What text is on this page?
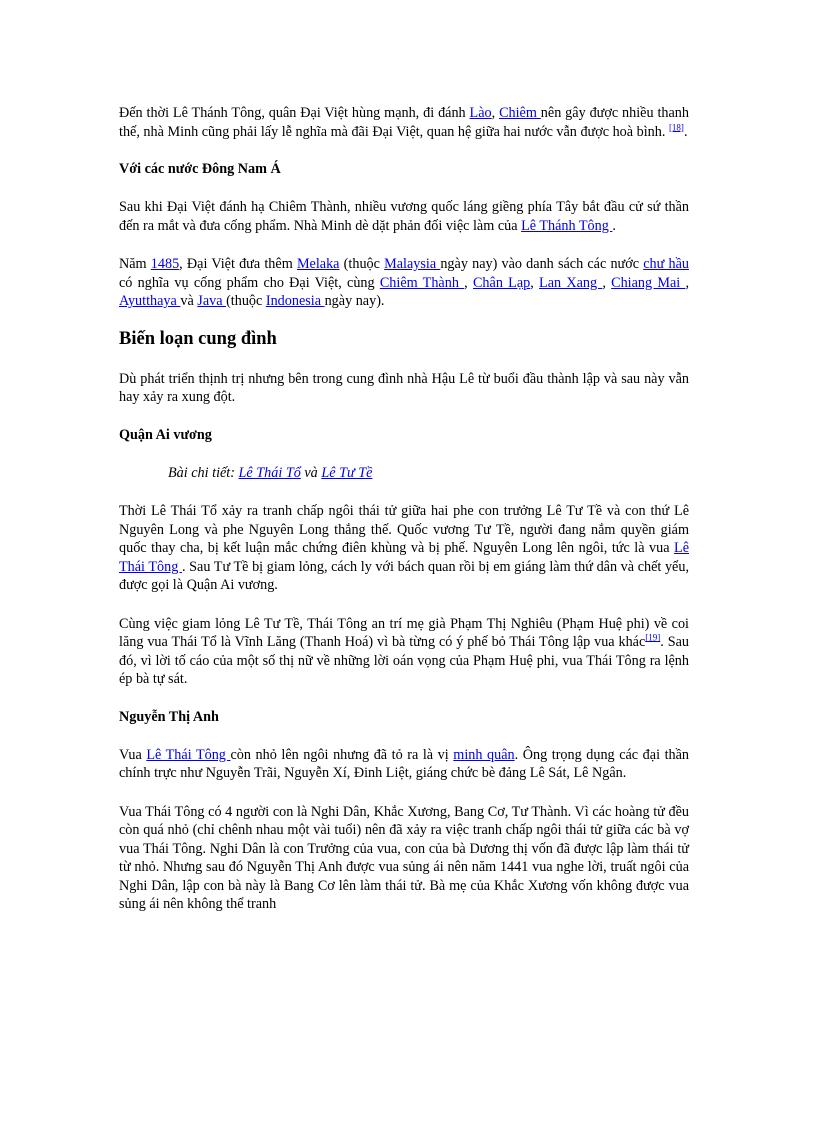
Đến thời Lê Thánh Tông, quân Đại Việt hùng mạnh, đi đánh Lào, Chiêm nên gây được nhiều thanh thế, nhà Minh cũng phải lấy lễ nghĩa mà đãi Đại Việt, quan hệ giữa hai nước vẫn được hoà bình. [18].

Với các nước Đông Nam Á

Sau khi Đại Việt đánh hạ Chiêm Thành, nhiều vương quốc láng giềng phía Tây bắt đầu cử sứ thần đến ra mắt và đưa cống phẩm. Nhà Minh dè dặt phản đối việc làm của Lê Thánh Tông .

Năm 1485, Đại Việt đưa thêm Melaka (thuộc Malaysia ngày nay) vào danh sách các nước chư hầu có nghĩa vụ cống phẩm cho Đại Việt, cùng Chiêm Thành , Chân Lạp, Lan Xang , Chiang Mai , Ayutthaya và Java (thuộc Indonesia ngày nay).

Biến loạn cung đình

Dù phát triển thịnh trị nhưng bên trong cung đình nhà Hậu Lê từ buổi đầu thành lập và sau này vẫn hay xảy ra xung đột.

Quận Ai vương

Bài chi tiết: Lê Thái Tổ và Lê Tư Tề

Thời Lê Thái Tổ xảy ra tranh chấp ngôi thái tử giữa hai phe con trưởng Lê Tư Tề và con thứ Lê Nguyên Long và phe Nguyên Long thắng thế. Quốc vương Tư Tề, người đang nắm quyền giám quốc thay cha, bị kết luận mắc chứng điên khùng và bị phế. Nguyên Long lên ngôi, tức là vua Lê Thái Tông . Sau Tư Tề bị giam lỏng, cách ly với bách quan rồi bị em giáng làm thứ dân và chết yểu, được gọi là Quận Ai vương.

Cùng việc giam lỏng Lê Tư Tề, Thái Tông an trí mẹ già Phạm Thị Nghiêu (Phạm Huệ phi) về coi lăng vua Thái Tổ là Vĩnh Lăng (Thanh Hoá) vì bà từng có ý phế bỏ Thái Tông lập vua khác[19]. Sau đó, vì lời tố cáo của một số thị nữ về những lời oán vọng của Phạm Huệ phi, vua Thái Tông ra lệnh ép bà tự sát.

Nguyễn Thị Anh

Vua Lê Thái Tông còn nhỏ lên ngôi nhưng đã tỏ ra là vị minh quân. Ông trọng dụng các đại thần chính trực như Nguyễn Trãi, Nguyễn Xí, Đinh Liệt, giáng chức bè đảng Lê Sát, Lê Ngân.

Vua Thái Tông có 4 người con là Nghi Dân, Khắc Xương, Bang Cơ, Tư Thành. Vì các hoàng tử đều còn quá nhỏ (chỉ chênh nhau một vài tuổi) nên đã xảy ra việc tranh chấp ngôi thái tử giữa các bà vợ vua Thái Tông. Nghi Dân là con Trưởng của vua, con của bà Dương thị vốn đã được lập làm thái tử từ nhỏ. Nhưng sau đó Nguyễn Thị Anh được vua sủng ái nên năm 1441 vua nghe lời, truất ngôi của Nghi Dân, lập con bà này là Bang Cơ lên làm thái tử. Bà mẹ của Khắc Xương vốn không được vua sủng ái nên không thể tranh
